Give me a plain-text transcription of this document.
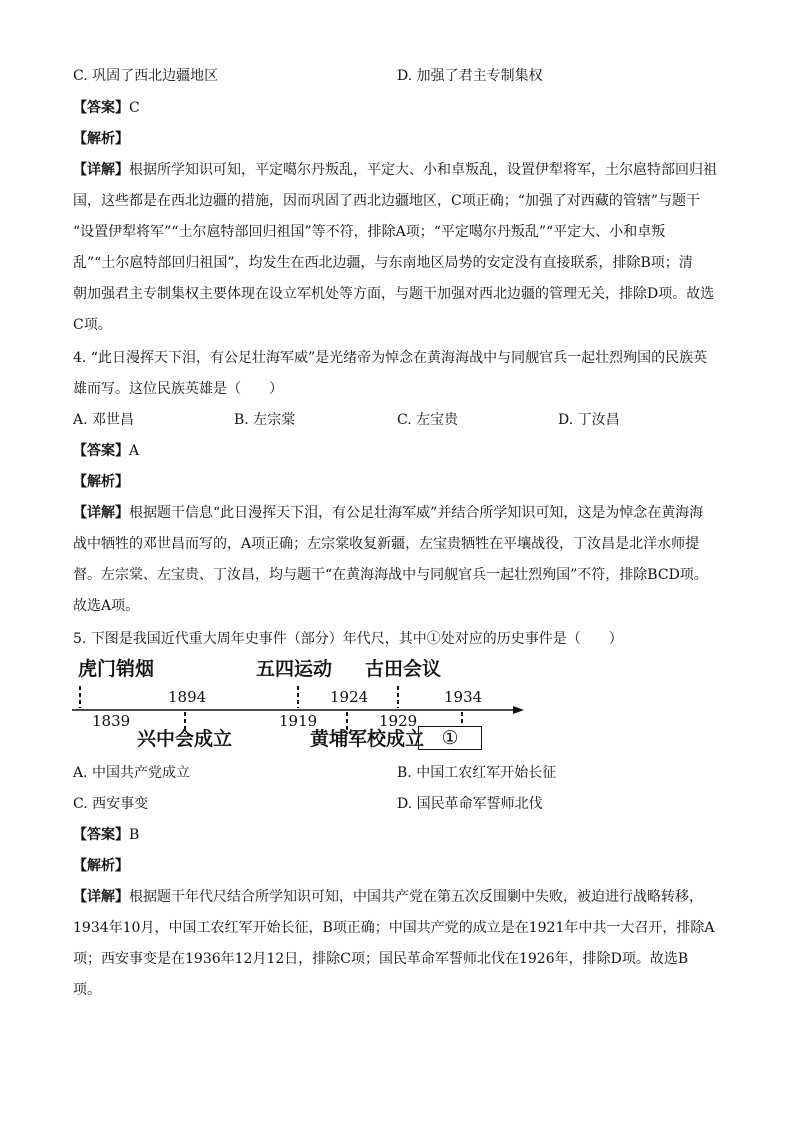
C. 巩固了西北边疆地区	D. 加强了君主专制集权
【答案】C
【解析】
【详解】根据所学知识可知，平定噶尔丹叛乱，平定大、小和卓叛乱，设置伊犁将军，土尔扈特部回归祖
国，这些都是在西北边疆的措施，因而巩固了西北边疆地区，C项正确；“加强了对西藏的管辖”与题干
“设置伊犁将军”“土尔扈特部回归祖国”等不符，排除A项；“平定噶尔丹叛乱”“平定大、小和卓叛
乱”“土尔扈特部回归祖国”，均发生在西北边疆，与东南地区局势的安定没有直接联系，排除B项；清
朝加强君主专制集权主要体现在设立军机处等方面，与题干加强对西北边疆的管理无关，排除D项。故选
C项。
4. “此日漫挥天下泪，有公足壮海军威”是光绪帝为悼念在黄海海战中与同舰官兵一起壮烈殉国的民族英
雄而写。这位民族英雄是（　　）
A. 邓世昌	B. 左宗棠	C. 左宝贵	D. 丁汝昌
【答案】A
【解析】
【详解】根据题干信息“此日漫挥天下泪，有公足壮海军威”并结合所学知识可知，这是为悼念在黄海海
战中牺牲的邓世昌而写的，A项正确；左宗棠收复新疆，左宝贵牺牲在平壤战役，丁汝昌是北洋水师提
督。左宗棠、左宝贵、丁汝昌，均与题干“在黄海海战中与同舰官兵一起壮烈殉国”不符，排除BCD项。
故选A项。
5. 下图是我国近代重大周年史事件（部分）年代尺，其中①处对应的历史事件是（　　）
虎门销烟	五四运动 古田会议
1894	1924	1934
1839	1919	1929
兴中会成立	黄埔军校成立 ①
A. 中国共产党成立	B. 中国工农红军开始长征
C. 西安事变	D. 国民革命军誓师北伐
【答案】B
【解析】
【详解】根据题干年代尺结合所学知识可知，中国共产党在第五次反围剿中失败，被迫进行战略转移，
1934年10月，中国工农红军开始长征，B项正确；中国共产党的成立是在1921年中共一大召开，排除A
项；西安事变是在1936年12月12日，排除C项；国民革命军誓师北伐在1926年，排除D项。故选B
项。
